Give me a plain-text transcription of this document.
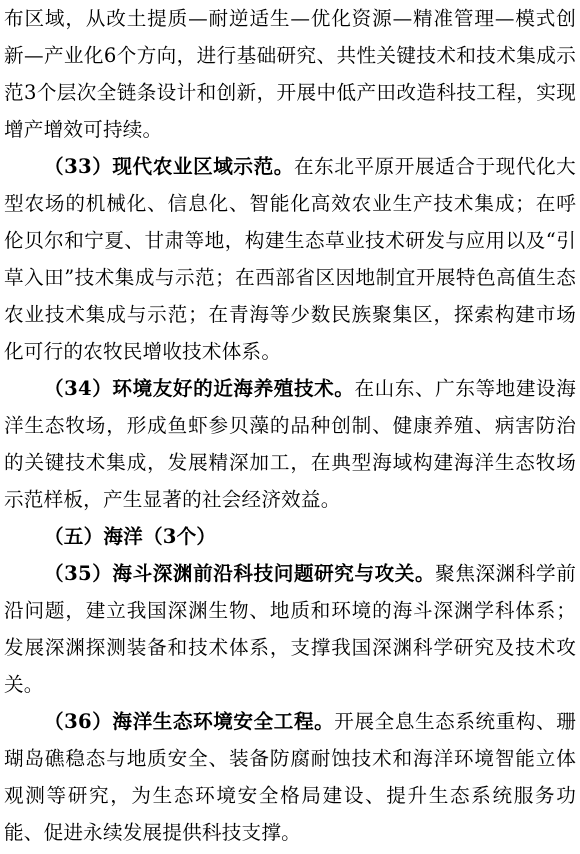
布区域，从改土提质—耐逆适生—优化资源—精准管理—模式创新—产业化6个方向，进行基础研究、共性关键技术和技术集成示范3个层次全链条设计和创新，开展中低产田改造科技工程，实现增产增效可持续。

（33）现代农业区域示范。在东北平原开展适合于现代化大型农场的机械化、信息化、智能化高效农业生产技术集成；在呼伦贝尔和宁夏、甘肃等地，构建生态草业技术研发与应用以及“引草入田”技术集成与示范；在西部省区因地制宜开展特色高值生态农业技术集成与示范；在青海等少数民族聚集区，探索构建市场化可行的农牧民增收技术体系。

（34）环境友好的近海养殖技术。在山东、广东等地建设海洋生态牧场，形成鱼虾参贝藻的品种创制、健康养殖、病害防治的关键技术集成，发展精深加工，在典型海域构建海洋生态牧场示范样板，产生显著的社会经济效益。

（五）海洋（3个）

（35）海斗深渊前沿科技问题研究与攻关。聚焦深渊科学前沿问题，建立我国深渊生物、地质和环境的海斗深渊学科体系；发展深渊探测装备和技术体系，支撑我国深渊科学研究及技术攻关。

（36）海洋生态环境安全工程。开展全息生态系统重构、珊瑚岛礁稳态与地质安全、装备防腐耐蚀技术和海洋环境智能立体观测等研究，为生态环境安全格局建设、提升生态系统服务功能、促进永续发展提供科技支撑。
